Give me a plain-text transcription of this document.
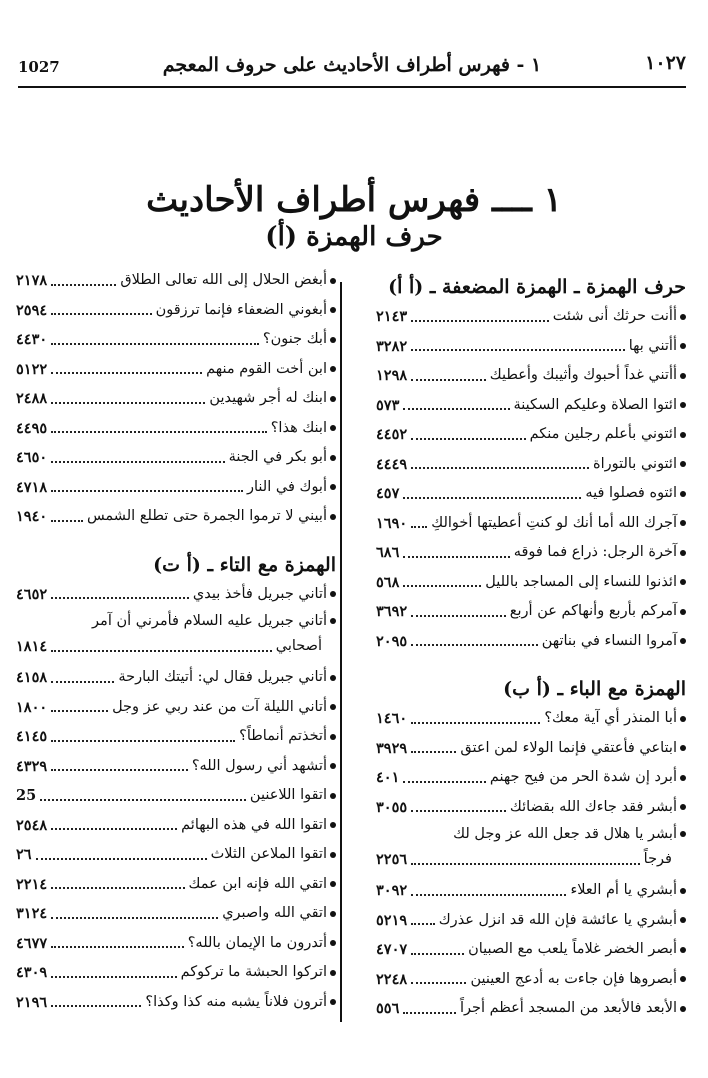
1027	١ - فهرس أطراف الأحاديث على حروف المعجم	١٠٢٧
١ ــــ فهرس أطراف الأحاديث
حرف الهمزة (أ)
حرف الهمزة ـ الهمزة المضعفة ـ (أ أ)
أأنت حرثك أنى شئت
٢١٤٣
أأتني بها
٣٢٨٢
أأتني غداً أحبوك وأثيبك وأعطيك
١٢٩٨
ائتوا الصلاة وعليكم السكينة
٥٧٣
ائتوني بأعلم رجلين منكم
٤٤٥٢
ائتوني بالتوراة
٤٤٤٩
ائتوه فصلوا فيه
٤٥٧
آجرك الله أما أنك لو كنتِ أعطيتها أخوالكِ
١٦٩٠
آخرة الرجل: ذراع فما فوقه
٦٨٦
ائذنوا للنساء إلى المساجد بالليل
٥٦٨
آمركم بأربع وأنهاكم عن أربع
٣٦٩٢
آمروا النساء في بناتهن
٢٠٩٥
الهمزة مع الباء ـ (أ ب)
أبا المنذر أي آية معك؟
١٤٦٠
ابتاعي فأعتقي فإنما الولاء لمن اعتق
٣٩٢٩
أبرد إن شدة الحر من فيح جهنم
٤٠١
أبشر فقد جاءك الله بقضائك
٣٠٥٥
أبشر يا هلال قد جعل الله عز وجل لك
فرجاً
٢٢٥٦
أبشري يا أم العلاء
٣٠٩٢
أبشري يا عائشة فإن الله قد انزل عذرك
٥٢١٩
أبصر الخضر غلاماً يلعب مع الصبيان
٤٧٠٧
أبصروها فإن جاءت به أدعج العينين
٢٢٤٨
الأبعد فالأبعد من المسجد أعظم أجراً
٥٥٦
أبغض الحلال إلى الله تعالى الطلاق
٢١٧٨
أبغوني الضعفاء فإنما ترزقون
٢٥٩٤
أبك جنون؟
٤٤٣٠
ابن أخت القوم منهم
٥١٢٢
ابنك له أجر شهيدين
٢٤٨٨
ابنك هذا؟
٤٤٩٥
أبو بكر في الجنة
٤٦٥٠
أبوك في النار
٤٧١٨
أبيني لا ترموا الجمرة حتى تطلع الشمس
١٩٤٠
الهمزة مع التاء ـ (أ ت)
أتاني جبريل فأخذ بيدي
٤٦٥٢
أتاني جبريل عليه السلام فأمرني أن آمر
أصحابي
١٨١٤
أتاني جبريل فقال لي: أتيتك البارحة
٤١٥٨
أتاني الليلة آت من عند ربي عز وجل
١٨٠٠
أتخذتم أنماطاً؟
٤١٤٥
أتشهد أني رسول الله؟
٤٣٢٩
اتقوا اللاعنين
25
اتقوا الله في هذه البهائم
٢٥٤٨
اتقوا الملاعن الثلاث
٢٦
اتقي الله فإنه ابن عمك
٢٢١٤
اتقي الله واصبري
٣١٢٤
أتدرون ما الإيمان بالله؟
٤٦٧٧
اتركوا الحبشة ما تركوكم
٤٣٠٩
أترون فلاناً يشبه منه كذا وكذا؟
٢١٩٦
